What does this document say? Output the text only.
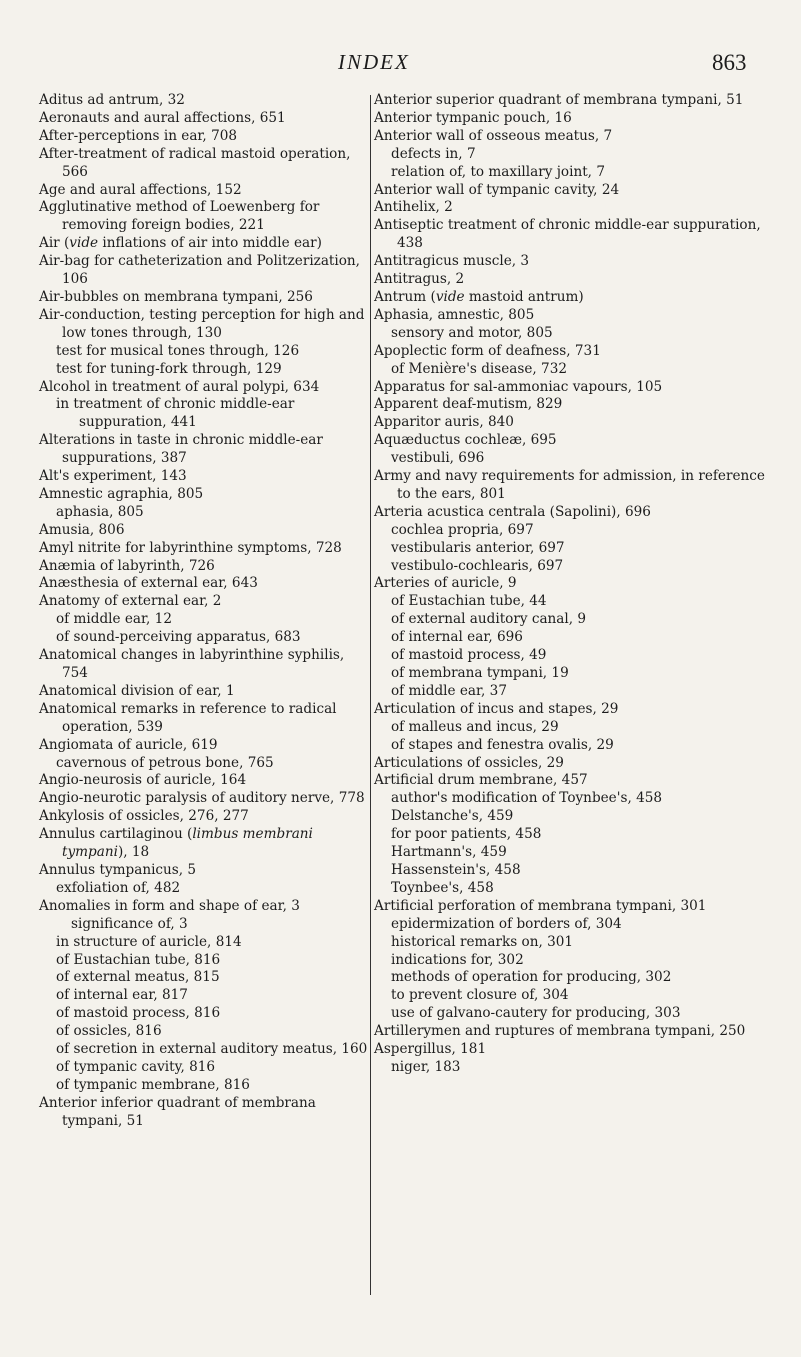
INDEX	863

Aditus ad antrum, 32

Aeronauts and aural affections, 651

After-perceptions in ear, 708

After-treatment of radical mastoid operation, 566

Age and aural affections, 152

Agglutinative method of Loewenberg for removing foreign bodies, 221

Air (vide inflations of air into middle ear)

Air-bag for catheterization and Politzerization, 106

Air-bubbles on membrana tympani, 256

Air-conduction, testing perception for high and low tones through, 130

test for musical tones through, 126

test for tuning-fork through, 129

Alcohol in treatment of aural polypi, 634

in treatment of chronic middle-ear suppuration, 441

Alterations in taste in chronic middle-ear suppurations, 387

Alt's experiment, 143

Amnestic agraphia, 805

aphasia, 805

Amusia, 806

Amyl nitrite for labyrinthine symptoms, 728

Anæmia of labyrinth, 726

Anæsthesia of external ear, 643

Anatomy of external ear, 2

of middle ear, 12

of sound-perceiving apparatus, 683

Anatomical changes in labyrinthine syphilis, 754

Anatomical division of ear, 1

Anatomical remarks in reference to radical operation, 539

Angiomata of auricle, 619

cavernous of petrous bone, 765

Angio-neurosis of auricle, 164

Angio-neurotic paralysis of auditory nerve, 778

Ankylosis of ossicles, 276, 277

Annulus cartilaginou (limbus membrani tympani), 18

Annulus tympanicus, 5

exfoliation of, 482

Anomalies in form and shape of ear, 3

significance of, 3

in structure of auricle, 814

of Eustachian tube, 816

of external meatus, 815

of internal ear, 817

of mastoid process, 816

of ossicles, 816

of secretion in external auditory meatus, 160

of tympanic cavity, 816

of tympanic membrane, 816

Anterior inferior quadrant of membrana tympani, 51

Anterior superior quadrant of membrana tympani, 51

Anterior tympanic pouch, 16

Anterior wall of osseous meatus, 7

defects in, 7

relation of, to maxillary joint, 7

Anterior wall of tympanic cavity, 24

Antihelix, 2

Antiseptic treatment of chronic middle-ear suppuration, 438

Antitragicus muscle, 3

Antitragus, 2

Antrum (vide mastoid antrum)

Aphasia, amnestic, 805

sensory and motor, 805

Apoplectic form of deafness, 731

of Menière's disease, 732

Apparatus for sal-ammoniac vapours, 105

Apparent deaf-mutism, 829

Apparitor auris, 840

Aquæductus cochleæ, 695

vestibuli, 696

Army and navy requirements for admission, in reference to the ears, 801

Arteria acustica centrala (Sapolini), 696

cochlea propria, 697

vestibularis anterior, 697

vestibulo-cochlearis, 697

Arteries of auricle, 9

of Eustachian tube, 44

of external auditory canal, 9

of internal ear, 696

of mastoid process, 49

of membrana tympani, 19

of middle ear, 37

Articulation of incus and stapes, 29

of malleus and incus, 29

of stapes and fenestra ovalis, 29

Articulations of ossicles, 29

Artificial drum membrane, 457

author's modification of Toynbee's, 458

Delstanche's, 459

for poor patients, 458

Hartmann's, 459

Hassenstein's, 458

Toynbee's, 458

Artificial perforation of membrana tympani, 301

epidermization of borders of, 304

historical remarks on, 301

indications for, 302

methods of operation for producing, 302

to prevent closure of, 304

use of galvano-cautery for producing, 303

Artillerymen and ruptures of membrana tympani, 250

Aspergillus, 181

niger, 183
